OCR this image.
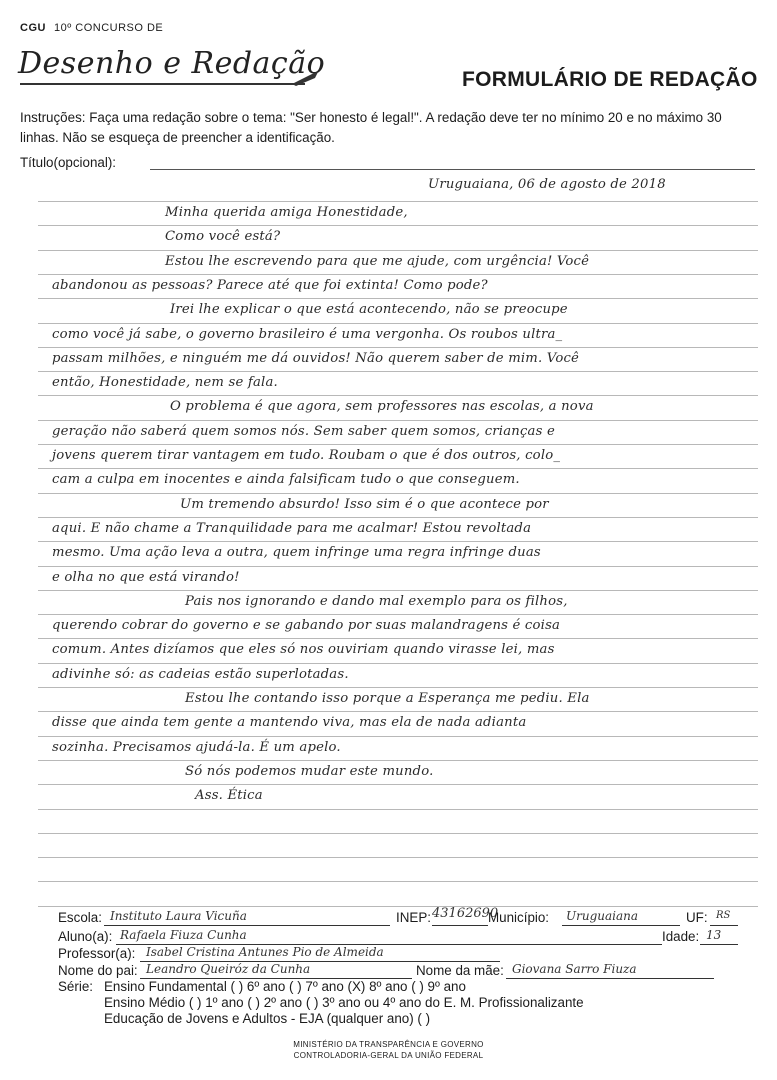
CGU 10º CONCURSO DE
Desenho e Redação	FORMULÁRIO DE REDAÇÃO
Instruções: Faça uma redação sobre o tema: "Ser honesto é legal!". A redação deve ter no mínimo 20 e no máximo 30 linhas. Não se esqueça de preencher a identificação.
Título(opcional):
Uruguaiana, 06 de agosto de 2018
Minha querida amiga Honestidade,
Como você está?
Estou lhe escrevendo para que me ajude, com urgência! Você
abandonou as pessoas? Parece até que foi extinta! Como pode?
Irei lhe explicar o que está acontecendo, não se preocupe
como você já sabe, o governo brasileiro é uma vergonha. Os roubos ultra_
passam milhões, e ninguém me dá ouvidos! Não querem saber de mim. Você
então, Honestidade, nem se fala.
O problema é que agora, sem professores nas escolas, a nova
geração não saberá quem somos nós. Sem saber quem somos, crianças e
jovens querem tirar vantagem em tudo. Roubam o que é dos outros, colo_
cam a culpa em inocentes e ainda falsificam tudo o que conseguem.
Um tremendo absurdo! Isso sim é o que acontece por
aqui. E não chame a Tranquilidade para me acalmar! Estou revoltada
mesmo. Uma ação leva a outra, quem infringe uma regra infringe duas
e olha no que está virando!
Pais nos ignorando e dando mal exemplo para os filhos,
querendo cobrar do governo e se gabando por suas malandragens é coisa
comum. Antes dizíamos que eles só nos ouviriam quando virasse lei, mas
adivinhe só: as cadeias estão superlotadas.
Estou lhe contando isso porque a Esperança me pediu. Ela
disse que ainda tem gente a mantendo viva, mas ela de nada adianta
sozinha. Precisamos ajudá-la. É um apelo.
Só nós podemos mudar este mundo.
Ass. Ética
Escola: Instituto Laura Vicuña	INEP: 43162690
Município: Uruguaiana	UF: RS
Aluno(a): Rafaela Fiuza Cunha	Idade: 13
Professor(a): Isabel Cristina Antunes Pio de Almeida
Nome do pai: Leandro Queiróz da Cunha	Nome da mãe: Giovana Sarro Fiuza
Série: Ensino Fundamental ( ) 6º ano ( ) 7º ano (X) 8º ano ( ) 9º ano
Ensino Médio ( ) 1º ano ( ) 2º ano ( ) 3º ano ou 4º ano do E. M. Profissionalizante
Educação de Jovens e Adultos - EJA (qualquer ano) ( )
MINISTÉRIO DA TRANSPARÊNCIA E GOVERNO
CONTROLADORIA-GERAL DA UNIÃO FEDERAL
